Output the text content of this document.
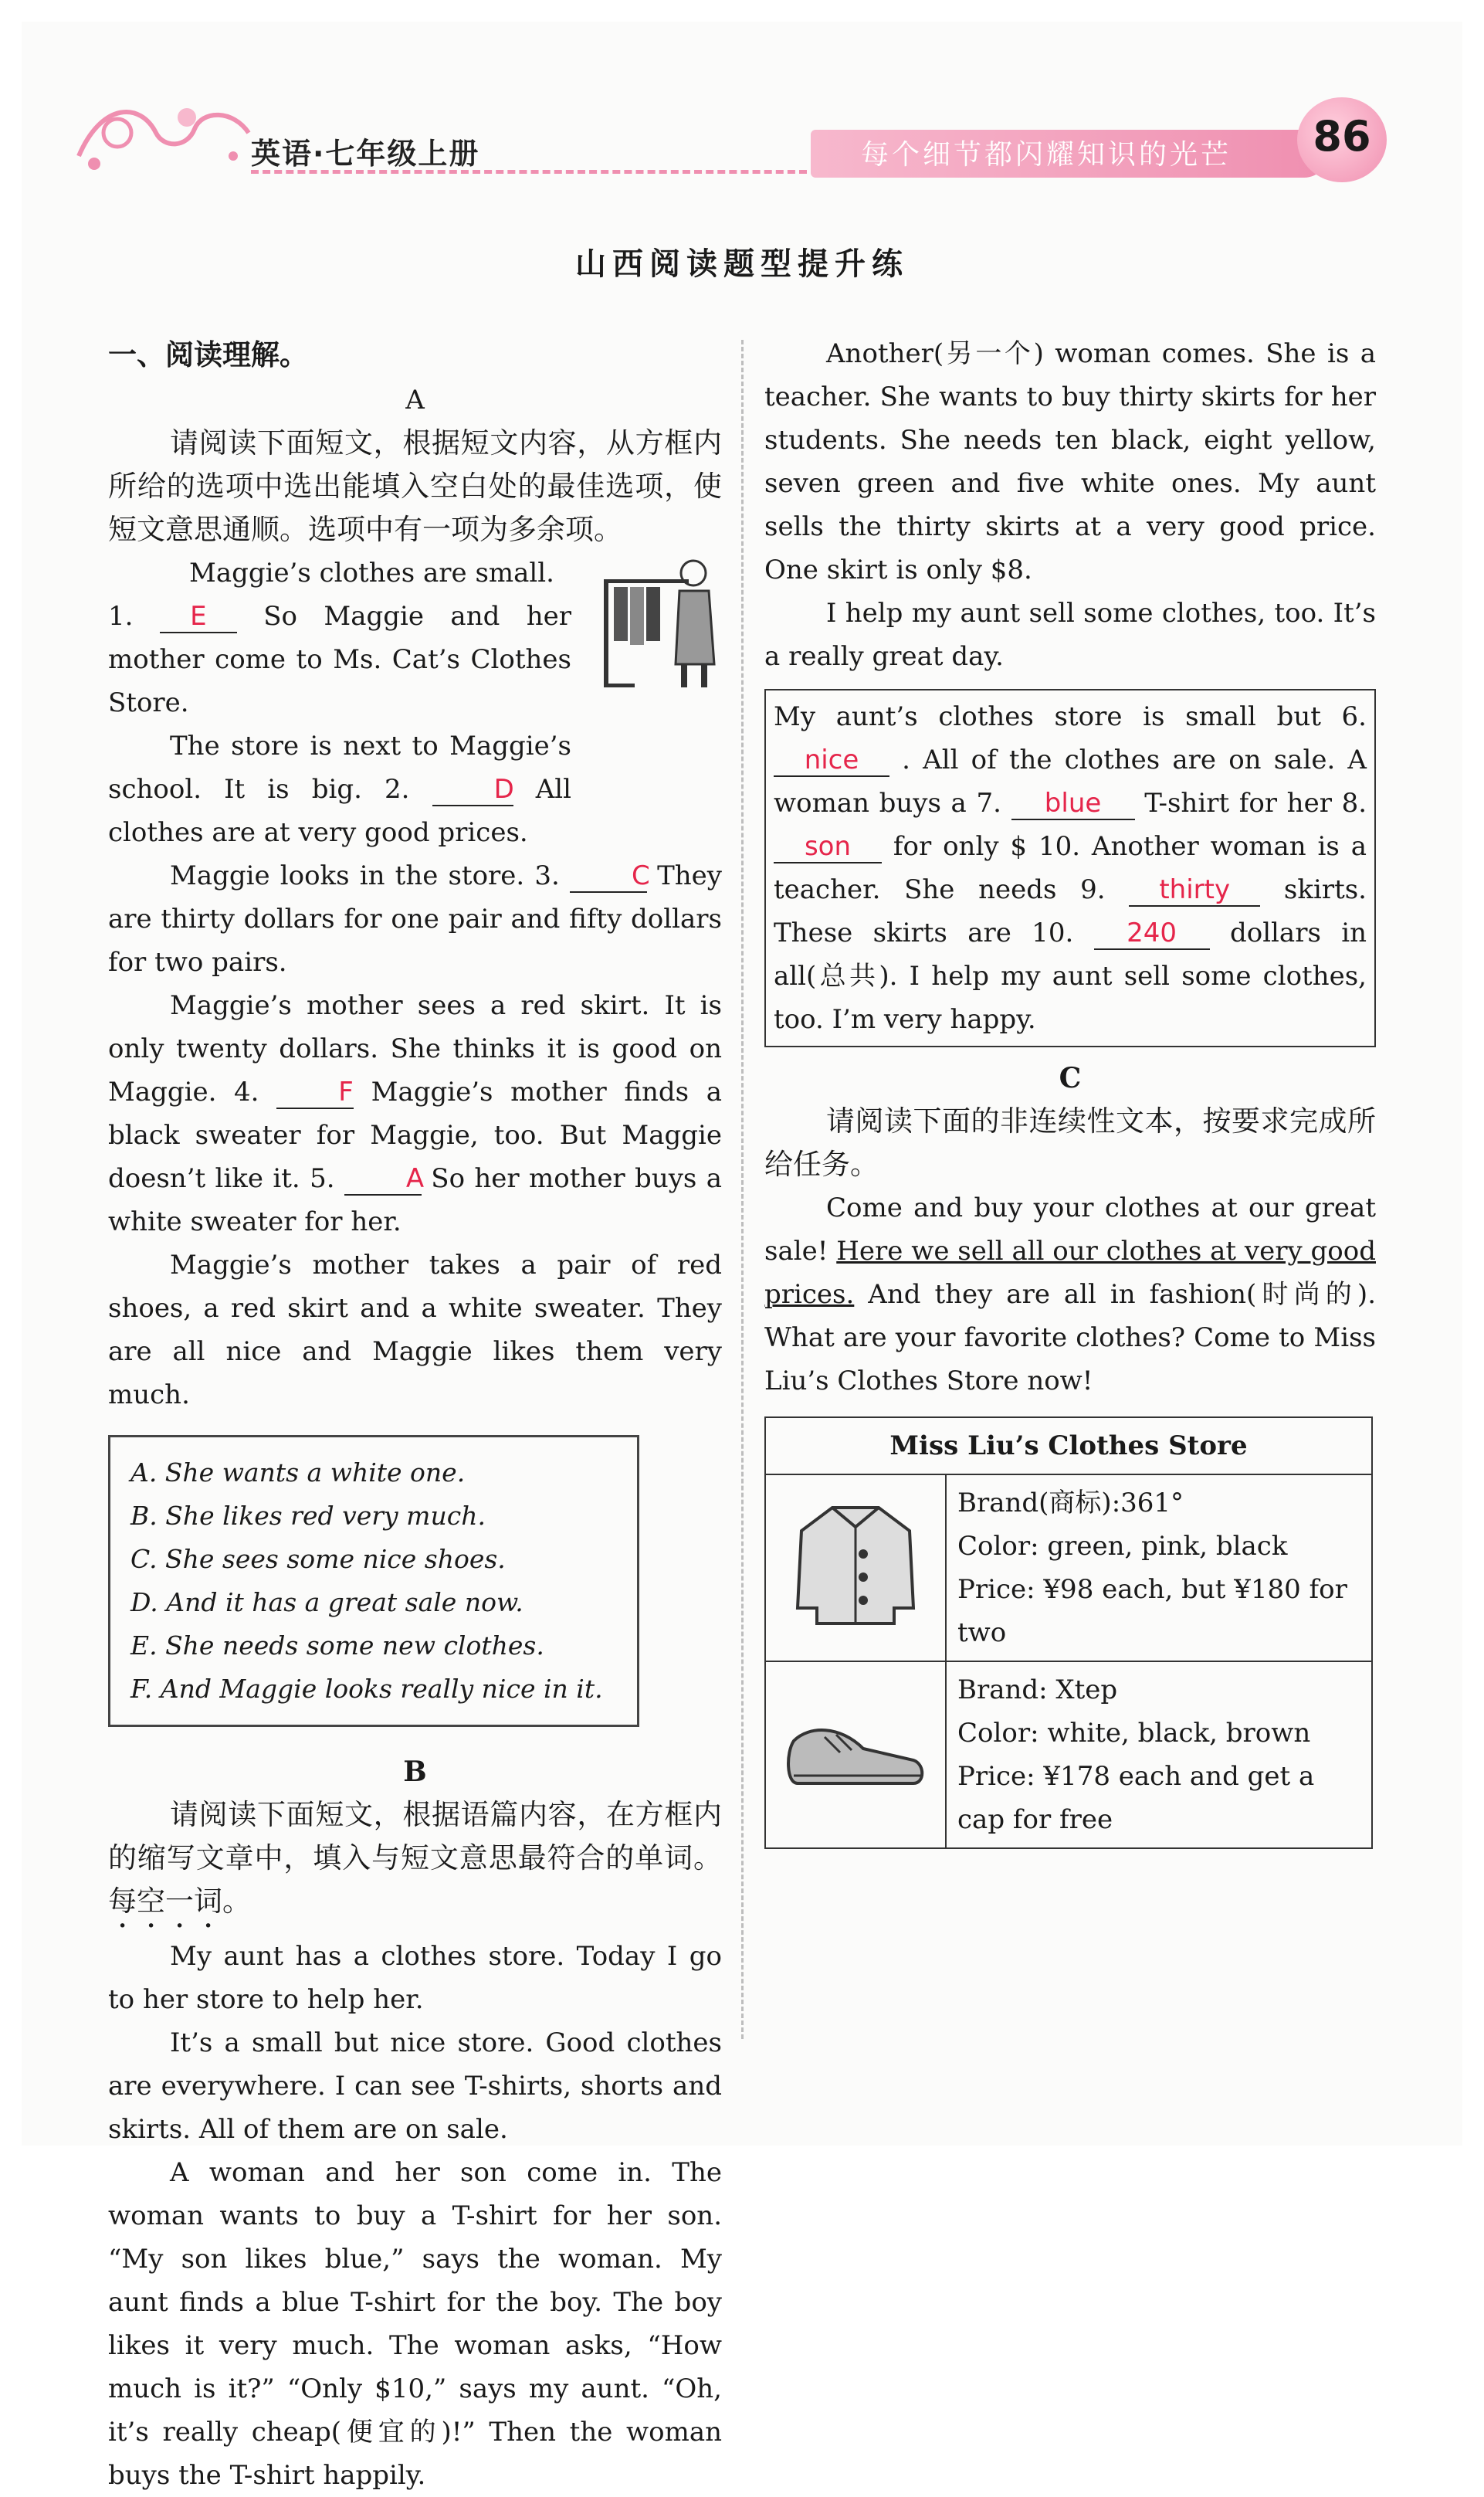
英语·七年级上册	每个细节都闪耀知识的光芒	86
山西阅读题型提升练
一、阅读理解。
A
请阅读下面短文，根据短文内容，从方框内所给的选项中选出能填入空白处的最佳选项，使短文意思通顺。选项中有一项为多余项。
Maggie’s clothes are small.
1. E So Maggie and her mother come to Ms. Cat’s Clothes Store.
The store is next to Maggie’s school. It is big. 2.	D All clothes are at very good prices.
Maggie looks in the store. 3.	C They are thirty dollars for one pair and fifty dollars for two pairs.
Maggie’s mother sees a red skirt. It is only twenty dollars. She thinks it is good on Maggie. 4.	F Maggie’s mother finds a black sweater for Maggie, too. But Maggie doesn’t like it. 5.	A So her mother buys a white sweater for her.
Maggie’s mother takes a pair of red shoes, a red skirt and a white sweater. They are all nice and Maggie likes them very much.
A. She wants a white one.
B. She likes red very much.
C. She sees some nice shoes.
D. And it has a great sale now.
E. She needs some new clothes.
F. And Maggie looks really nice in it.
B
请阅读下面短文，根据语篇内容，在方框内的缩写文章中，填入与短文意思最符合的单词。每空一词。
My aunt has a clothes store. Today I go to her store to help her.
It’s a small but nice store. Good clothes are everywhere. I can see T-shirts, shorts and skirts. All of them are on sale.
A woman and her son come in. The woman wants to buy a T-shirt for her son. “My son likes blue,” says the woman. My aunt finds a blue T-shirt for the boy. The boy likes it very much. The woman asks, “How much is it?” “Only $10,” says my aunt. “Oh, it’s really cheap(便宜的)!” Then the woman buys the T-shirt happily.
Another(另一个) woman comes. She is a teacher. She wants to buy thirty skirts for her students. She needs ten black, eight yellow, seven green and five white ones. My aunt sells the thirty skirts at a very good price. One skirt is only $8.
I help my aunt sell some clothes, too. It’s a really great day.
My aunt’s clothes store is small but 6. nice . All of the clothes are on sale. A woman buys a 7. blue T-shirt for her 8. son for only $ 10. Another woman is a teacher. She needs 9. thirty skirts. These skirts are 10. 240 dollars in all(总共). I help my aunt sell some clothes, too. I’m very happy.
C
请阅读下面的非连续性文本，按要求完成所给任务。
Come and buy your clothes at our great sale! Here we sell all our clothes at very good prices. And they are all in fashion(时尚的). What are your favorite clothes? Come to Miss Liu’s Clothes Store now!
Miss Liu’s Clothes Store	

Brand(商标):361°
Color: green, pink, black
Price: ¥98 each, but ¥180 for two

Brand: Xtep
Color: white, black, brown
Price: ¥178 each and get a cap for free
